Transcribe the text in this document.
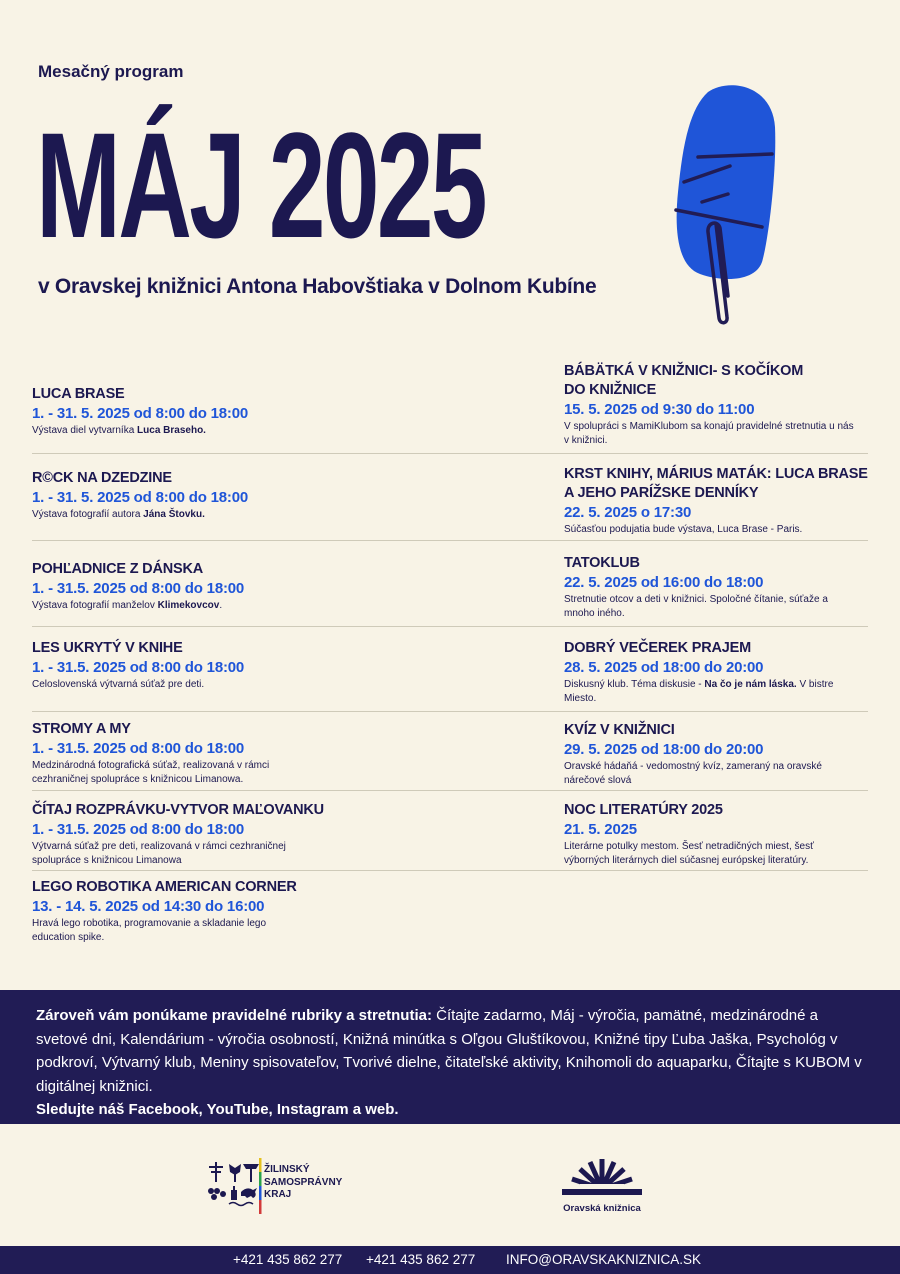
Mesačný program
MÁJ 2025
v Oravskej knižnici Antona Habovštiaka v Dolnom Kubíne
LUCA BRASE
1. - 31. 5. 2025 od 8:00 do 18:00
Výstava diel vytvarníka Luca Braseho.
R©CK NA DZEDZINE
1. - 31. 5. 2025 od 8:00 do 18:00
Výstava fotografií autora Jána Štovku.
POHĽADNICE Z DÁNSKA
1. - 31.5. 2025 od 8:00 do 18:00
Výstava fotografií manželov Klimekovcov.
LES UKRYTÝ V KNIHE
1. - 31.5. 2025 od 8:00 do 18:00
Celoslovenská výtvarná súťaž pre deti.
STROMY A MY
1. - 31.5. 2025 od 8:00 do 18:00
Medzinárodná fotografická súťaž, realizovaná v rámci cezhraničnej spolupráce s knižnicou Limanowa.
ČÍTAJ ROZPRÁVKU-VYTVOR MAĽOVANKU
1. - 31.5. 2025 od 8:00 do 18:00
Výtvarná súťaž pre deti, realizovaná v rámci cezhraničnej spolupráce s knižnicou Limanowa
LEGO ROBOTIKA AMERICAN CORNER
13. - 14. 5. 2025 od 14:30 do 16:00
Hravá lego robotika, programovanie a skladanie lego education spike.
BÁBÄTKÁ V KNIŽNICI- S KOČÍKOM DO KNIŽNICE
15. 5. 2025 od 9:30 do 11:00
V spolupráci s MamiKlubom sa konajú pravidelné stretnutia u nás v knižnici.
KRST KNIHY, MÁRIUS MATÁK: LUCA BRASE A JEHO PARÍŽSKE DENNÍKY
22. 5. 2025 o 17:30
Súčasťou podujatia bude výstava, Luca Brase - Paris.
TATOKLUB
22. 5. 2025 od 16:00 do 18:00
Stretnutie otcov a deti v knižnici. Spoločné čítanie, súťaže a mnoho iného.
DOBRÝ VEČEREK PRAJEM
28. 5. 2025 od 18:00 do 20:00
Diskusný klub. Téma diskusie - Na čo je nám láska. V bistre Miesto.
KVÍZ V KNIŽNICI
29. 5. 2025 od 18:00 do 20:00
Oravské hádaňá - vedomostný kvíz, zameraný na oravské nárečové slová
NOC LITERATÚRY 2025
21. 5. 2025
Literárne potulky mestom. Šesť netradičných miest, šesť výborných literárnych diel súčasnej európskej literatúry.
Zároveň vám ponúkame pravidelné rubriky a stretnutia: Čítajte zadarmo, Máj - výročia, pamätné, medzinárodné a svetové dni, Kalendárium - výročia osobností, Knižná minútka s Oľgou Gluštíkovou, Knižné tipy Ľuba Jaška, Psychológ v podkroví, Výtvarný klub, Meniny spisovateľov, Tvorivé dielne, čitateľské aktivity, Knihomoli do aquaparku, Čítajte s KUBOM v digitálnej knižnici.
Sledujte náš Facebook, YouTube, Instagram a web.
ŽILINSKÝ
SAMOSPRÁVNY
KRAJ
Oravská knižnica
+421 435 862 277 +421 435 862 277 INFO@ORAVSKAKNIZNICA.SK
